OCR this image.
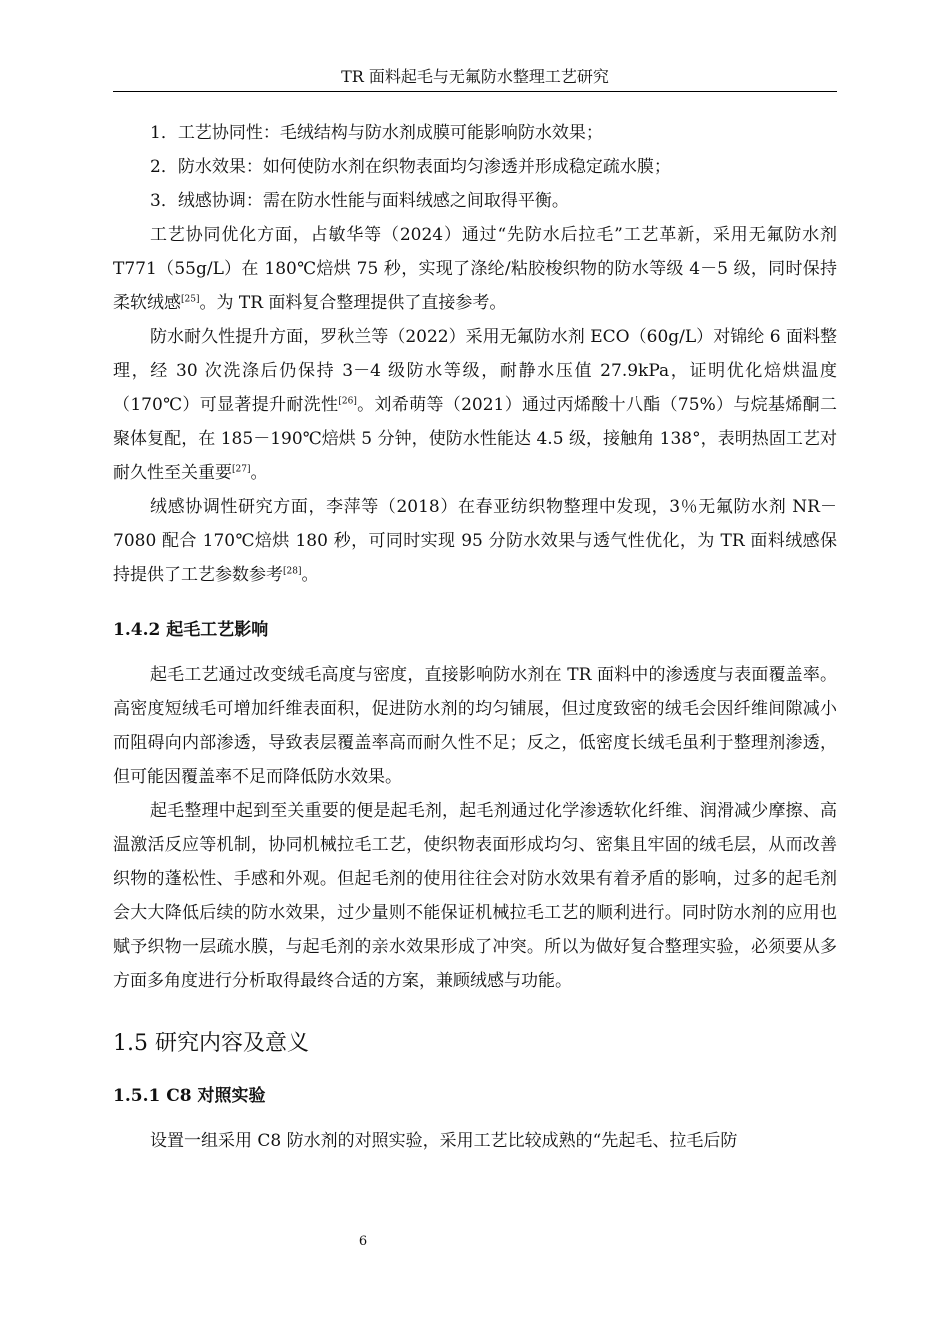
TR 面料起毛与无氟防水整理工艺研究

1．工艺协同性：毛绒结构与防水剂成膜可能影响防水效果；

2．防水效果：如何使防水剂在织物表面均匀渗透并形成稳定疏水膜；

3．绒感协调：需在防水性能与面料绒感之间取得平衡。

工艺协同优化方面，占敏华等（2024）通过“先防水后拉毛”工艺革新，采用无氟防水剂 T771（55g/L）在 180℃焙烘 75 秒，实现了涤纶/粘胶梭织物的防水等级 4－5 级，同时保持柔软绒感[25]。为 TR 面料复合整理提供了直接参考。

防水耐久性提升方面，罗秋兰等（2022）采用无氟防水剂 ECO（60g/L）对锦纶 6 面料整理，经 30 次洗涤后仍保持 3－4 级防水等级，耐静水压值 27.9kPa，证明优化焙烘温度（170℃）可显著提升耐洗性[26]。刘希萌等（2021）通过丙烯酸十八酯（75%）与烷基烯酮二聚体复配，在 185－190℃焙烘 5 分钟，使防水性能达 4.5 级，接触角 138°，表明热固工艺对耐久性至关重要[27]。

绒感协调性研究方面，李萍等（2018）在春亚纺织物整理中发现，3％无氟防水剂 NR－7080 配合 170℃焙烘 180 秒，可同时实现 95 分防水效果与透气性优化，为 TR 面料绒感保持提供了工艺参数参考[28]。

1.4.2 起毛工艺影响

起毛工艺通过改变绒毛高度与密度，直接影响防水剂在 TR 面料中的渗透度与表面覆盖率。高密度短绒毛可增加纤维表面积，促进防水剂的均匀铺展，但过度致密的绒毛会因纤维间隙减小而阻碍向内部渗透，导致表层覆盖率高而耐久性不足；反之，低密度长绒毛虽利于整理剂渗透，但可能因覆盖率不足而降低防水效果。

起毛整理中起到至关重要的便是起毛剂，起毛剂通过化学渗透软化纤维、润滑减少摩擦、高温激活反应等机制，协同机械拉毛工艺，使织物表面形成均匀、密集且牢固的绒毛层，从而改善织物的蓬松性、手感和外观。但起毛剂的使用往往会对防水效果有着矛盾的影响，过多的起毛剂会大大降低后续的防水效果，过少量则不能保证机械拉毛工艺的顺利进行。同时防水剂的应用也赋予织物一层疏水膜，与起毛剂的亲水效果形成了冲突。所以为做好复合整理实验，必须要从多方面多角度进行分析取得最终合适的方案，兼顾绒感与功能。

1.5 研究内容及意义
1.5.1 C8 对照实验

设置一组采用 C8 防水剂的对照实验，采用工艺比较成熟的“先起毛、拉毛后防

6
